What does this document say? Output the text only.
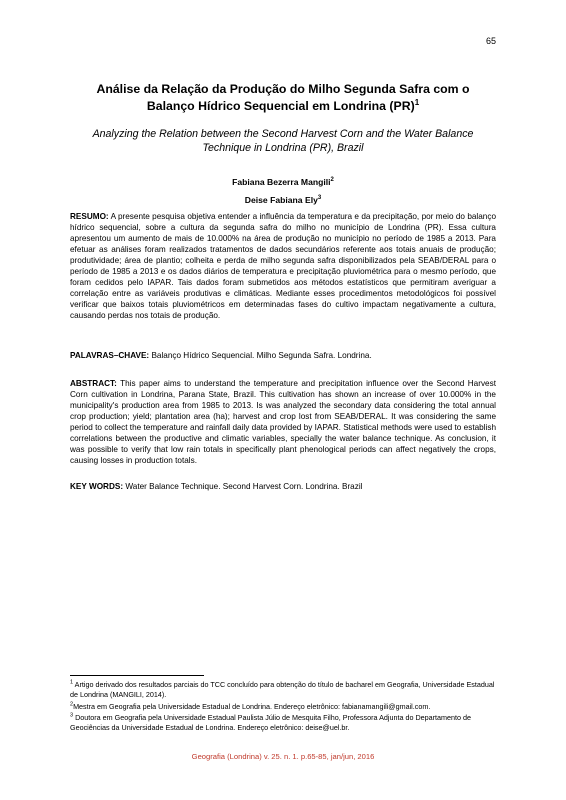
65
Análise da Relação da Produção do Milho Segunda Safra com o
Balanço Hídrico Sequencial em Londrina (PR)$^1$
Analyzing the Relation between the Second Harvest Corn and the Water Balance
Technique in Londrina (PR), Brazil
Fabiana Bezerra Mangili$^2$
Deise Fabiana Ely$^3$
RESUMO: A presente pesquisa objetiva entender a influência da temperatura e da precipitação, por meio do balanço hídrico sequencial, sobre a cultura da segunda safra do milho no município de Londrina (PR). Essa cultura apresentou um aumento de mais de 10.000% na área de produção no município no período de 1985 a 2013. Para efetuar as análises foram realizados tratamentos de dados secundários referente aos totais anuais de produção; produtividade; área de plantio; colheita e perda de milho segunda safra disponibilizados pela SEAB/DERAL para o período de 1985 a 2013 e os dados diários de temperatura e precipitação pluviométrica para o mesmo período, que foram cedidos pelo IAPAR. Tais dados foram submetidos aos métodos estatísticos que permitiram averiguar a correlação entre as variáveis produtivas e climáticas. Mediante esses procedimentos metodológicos foi possível verificar que baixos totais pluviométricos em determinadas fases do cultivo impactam negativamente a cultura, causando perdas nos totais de produção.
PALAVRAS–CHAVE: Balanço Hídrico Sequencial. Milho Segunda Safra. Londrina.
ABSTRACT: This paper aims to understand the temperature and precipitation influence over the Second Harvest Corn cultivation in Londrina, Parana State, Brazil. This cultivation has shown an increase of over 10.000% in the municipality's production area from 1985 to 2013. Is was analyzed the secondary data considering the total annual crop production; yield; plantation area (ha); harvest and crop lost from SEAB/DERAL. It was considering the same period to collect the temperature and rainfall daily data provided by IAPAR. Statistical methods were used to establish correlations between the productive and climatic variables, specially the water balance technique. As conclusion, it was possible to verify that low rain totals in specifically plant phenological periods can affect negatively the crops, causing losses in production totals.
KEY WORDS: Water Balance Technique. Second Harvest Corn. Londrina. Brazil
$^1$ Artigo derivado dos resultados parciais do TCC concluído para obtenção do título de bacharel em Geografia, Universidade Estadual de Londrina (MANGILI, 2014).
$^2$Mestra em Geografia pela Universidade Estadual de Londrina. Endereço eletrônico: fabianamangili@gmail.com.
$^3$ Doutora em Geografia pela Universidade Estadual Paulista Júlio de Mesquita Filho, Professora Adjunta do Departamento de Geociências da Universidade Estadual de Londrina. Endereço eletrônico: deise@uel.br.
Geografia (Londrina) v. 25. n. 1. p.65-85, jan/jun, 2016
